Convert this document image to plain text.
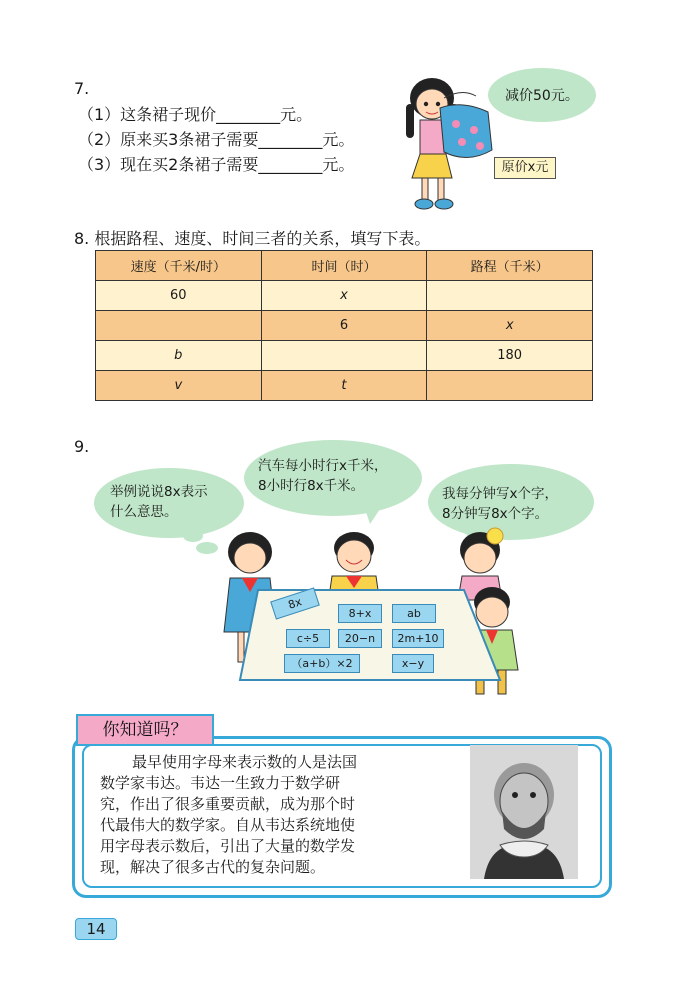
7.
（1）这条裙子现价________元。
（2）原来买3条裙子需要________元。
（3）现在买2条裙子需要________元。
减价50元。
原价x元
8. 根据路程、速度、时间三者的关系，填写下表。
速度（千米/时）	时间（时）	路程（千米）
60	x	
	6	x
b		180
v	t	
9.
举例说说8x表示
什么意思。
汽车每小时行x千米，
8小时行8x千米。	我每分钟写x个字，
8分钟写8x个字。
8x
8+x	ab
c÷5	20−n	2m+10
（a+b）×2	x−y
你知道吗？
最早使用字母来表示数的人是法国
数学家韦达。韦达一生致力于数学研
究，作出了很多重要贡献，成为那个时
代最伟大的数学家。自从韦达系统地使
用字母表示数后，引出了大量的数学发
现，解决了很多古代的复杂问题。
14
